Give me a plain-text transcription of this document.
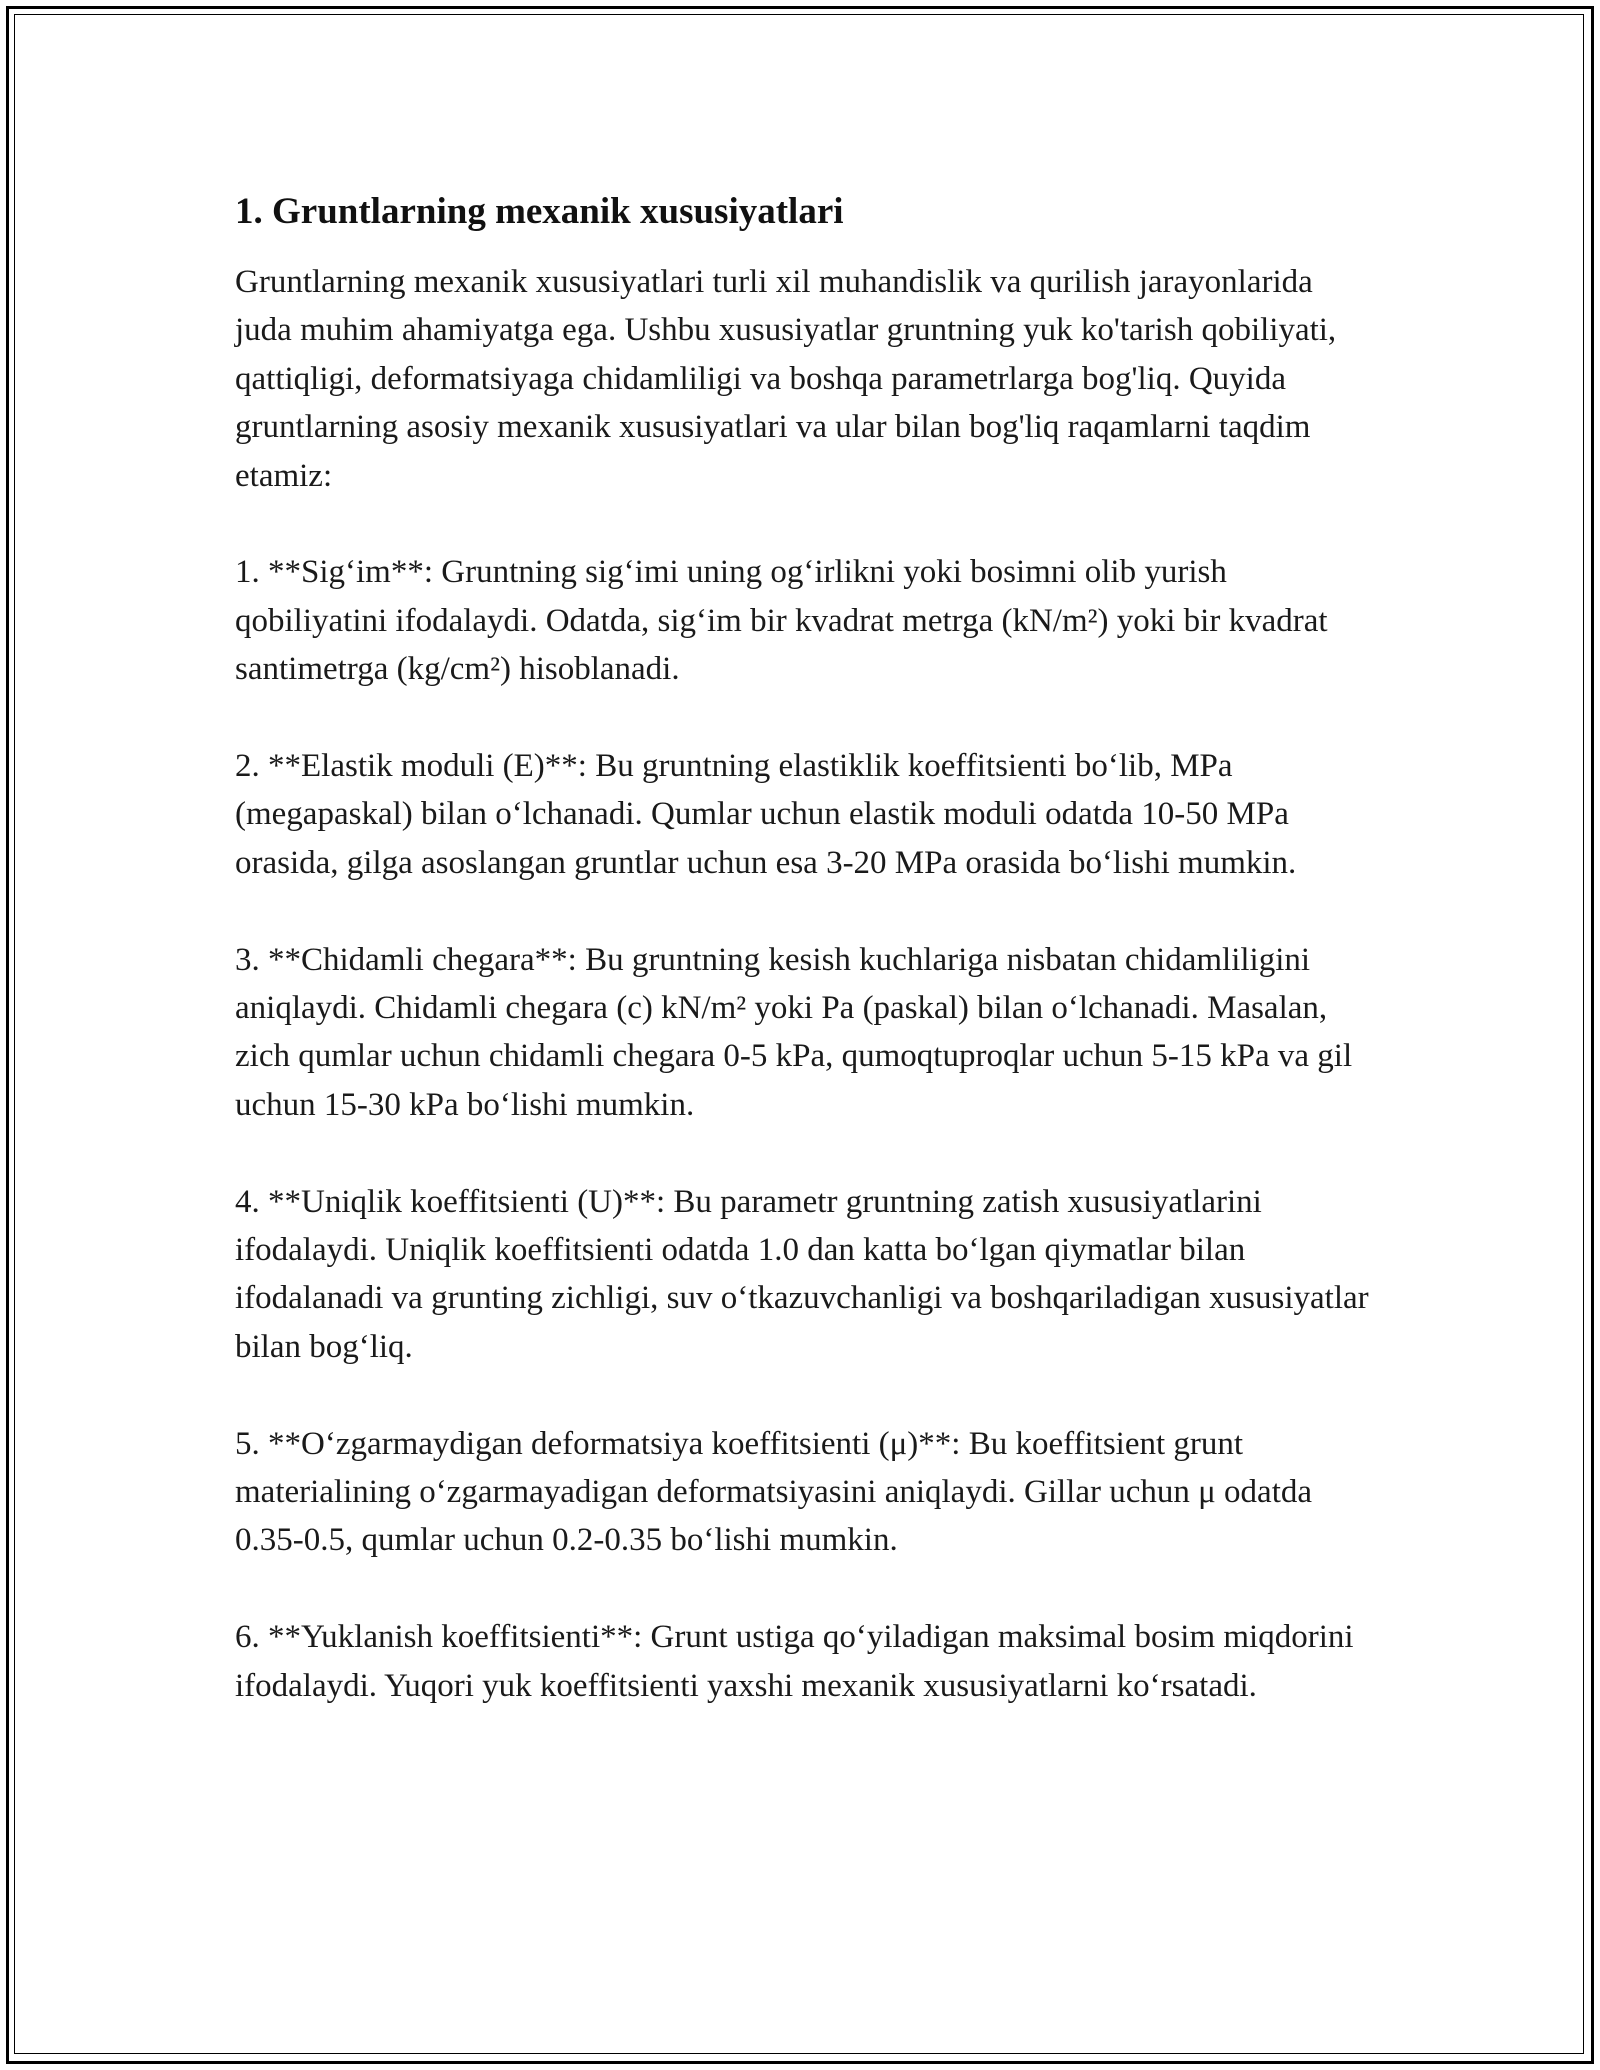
1. Gruntlarning mexanik xususiyatlari

Gruntlarning mexanik xususiyatlari turli xil muhandislik va qurilish jarayonlarida juda muhim ahamiyatga ega. Ushbu xususiyatlar gruntning yuk ko'tarish qobiliyati, qattiqligi, deformatsiyaga chidamliligi va boshqa parametrlarga bog'liq. Quyida gruntlarning asosiy mexanik xususiyatlari va ular bilan bog'liq raqamlarni taqdim etamiz:

1. **Sig‘im**: Gruntning sig‘imi uning og‘irlikni yoki bosimni olib yurish qobiliyatini ifodalaydi. Odatda, sig‘im bir kvadrat metrga (kN/m²) yoki bir kvadrat santimetrga (kg/cm²) hisoblanadi.

2. **Elastik moduli (E)**: Bu gruntning elastiklik koeffitsienti bo‘lib, MPa (megapaskal) bilan o‘lchanadi. Qumlar uchun elastik moduli odatda 10-50 MPa orasida, gilga asoslangan gruntlar uchun esa 3-20 MPa orasida bo‘lishi mumkin.

3. **Chidamli chegara**: Bu gruntning kesish kuchlariga nisbatan chidamliligini aniqlaydi. Chidamli chegara (c) kN/m² yoki Pa (paskal) bilan o‘lchanadi. Masalan, zich qumlar uchun chidamli chegara 0-5 kPa, qumoqtuproqlar uchun 5-15 kPa va gil uchun 15-30 kPa bo‘lishi mumkin.

4. **Uniqlik koeffitsienti (U)**: Bu parametr gruntning zatish xususiyatlarini ifodalaydi. Uniqlik koeffitsienti odatda 1.0 dan katta bo‘lgan qiymatlar bilan ifodalanadi va grunting zichligi, suv o‘tkazuvchanligi va boshqariladigan xususiyatlar bilan bog‘liq.

5. **O‘zgarmaydigan deformatsiya koeffitsienti (μ)**: Bu koeffitsient grunt materialining o‘zgarmayadigan deformatsiyasini aniqlaydi. Gillar uchun μ odatda 0.35-0.5, qumlar uchun 0.2-0.35 bo‘lishi mumkin.

6. **Yuklanish koeffitsienti**: Grunt ustiga qo‘yiladigan maksimal bosim miqdorini ifodalaydi. Yuqori yuk koeffitsienti yaxshi mexanik xususiyatlarni ko‘rsatadi.
